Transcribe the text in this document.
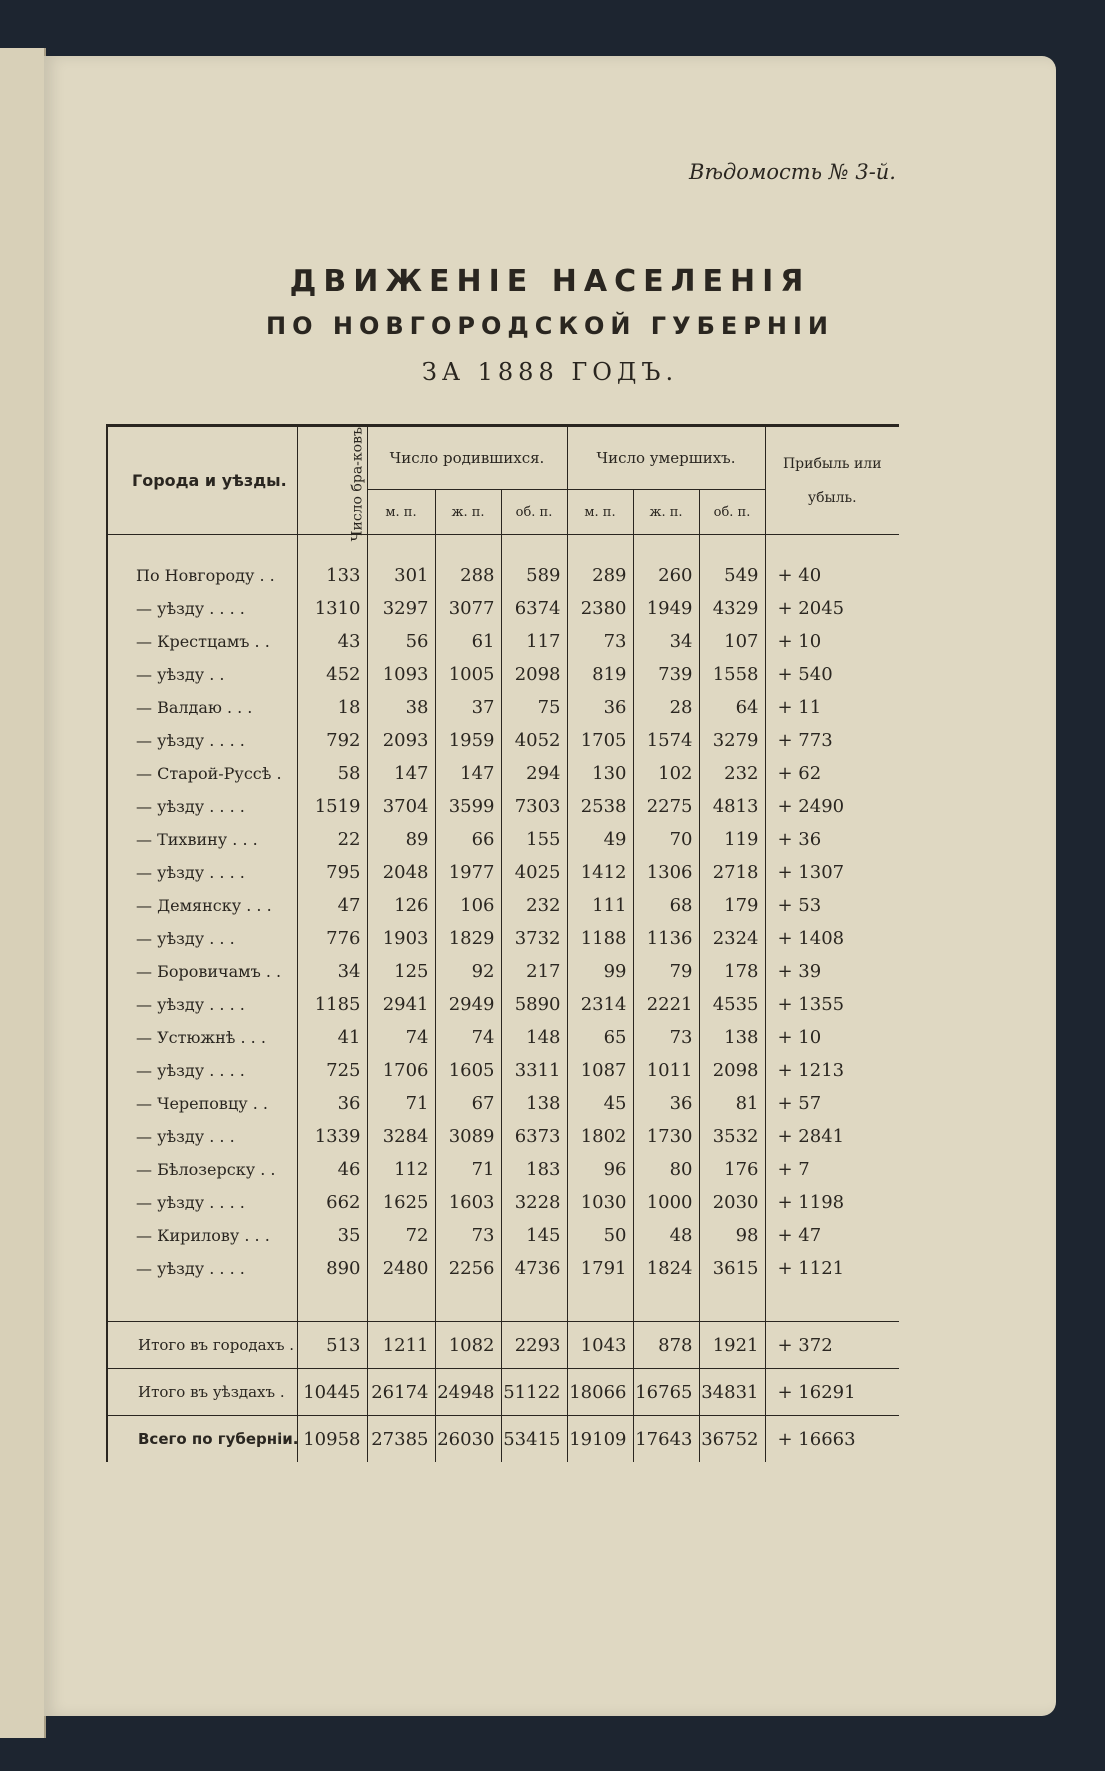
Вѣдомость № 3-й.
ДВИЖЕНІЕ НАСЕЛЕНІЯ
ПО НОВГОРОДСКОЙ ГУБЕРНІИ
ЗА 1888 ГОДЪ.
Города и уѣзды.	Число бра-ковъ.	Число родившихся.			Число умершихъ.			Прибыль или убыль.
		м. п.	ж. п.	об. п.	м. п.	ж. п.	об. п.	

По Новгороду . .	133	301	288	589	289	260	549	+ 40
— уѣзду . . . .	1310	3297	3077	6374	2380	1949	4329	+ 2045
— Крестцамъ . .	43	56	61	117	73	34	107	+ 10
— уѣзду . .	452	1093	1005	2098	819	739	1558	+ 540
— Валдаю . . .	18	38	37	75	36	28	64	+ 11
— уѣзду . . . .	792	2093	1959	4052	1705	1574	3279	+ 773
— Старой-Руссѣ .	58	147	147	294	130	102	232	+ 62
— уѣзду . . . .	1519	3704	3599	7303	2538	2275	4813	+ 2490
— Тихвину . . .	22	89	66	155	49	70	119	+ 36
— уѣзду . . . .	795	2048	1977	4025	1412	1306	2718	+ 1307
— Демянску . . .	47	126	106	232	111	68	179	+ 53
— уѣзду . . .	776	1903	1829	3732	1188	1136	2324	+ 1408
— Боровичамъ . .	34	125	92	217	99	79	178	+ 39
— уѣзду . . . .	1185	2941	2949	5890	2314	2221	4535	+ 1355
— Устюжнѣ . . .	41	74	74	148	65	73	138	+ 10
— уѣзду . . . .	725	1706	1605	3311	1087	1011	2098	+ 1213
— Череповцу . .	36	71	67	138	45	36	81	+ 57
— уѣзду . . .	1339	3284	3089	6373	1802	1730	3532	+ 2841
— Бѣлозерску . .	46	112	71	183	96	80	176	+ 7
— уѣзду . . . .	662	1625	1603	3228	1030	1000	2030	+ 1198
— Кирилову . . .	35	72	73	145	50	48	98	+ 47
— уѣзду . . . .	890	2480	2256	4736	1791	1824	3615	+ 1121

Итого въ городахъ .	513	1211	1082	2293	1043	878	1921	+ 372
Итого въ уѣздахъ .	10445	26174	24948	51122	18066	16765	34831	+ 16291
Всего по губерніи.	10958	27385	26030	53415	19109	17643	36752	+ 16663
